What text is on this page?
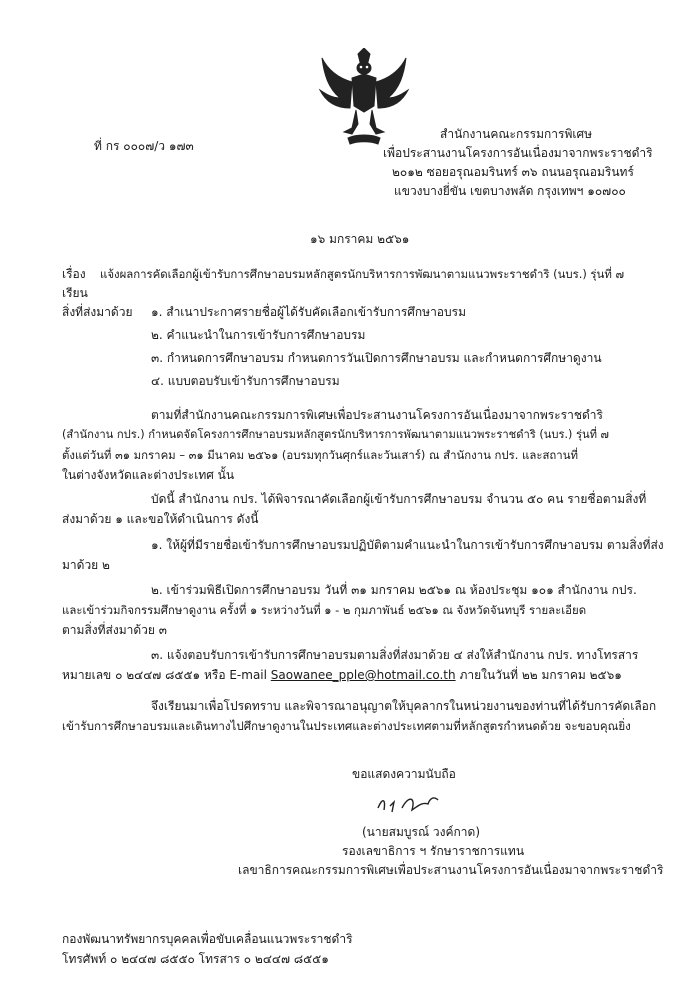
ที่ กร ๐๐๐๗/ว ๑๗๓
สำนักงานคณะกรรมการพิเศษ
เพื่อประสานงานโครงการอันเนื่องมาจากพระราชดำริ
๒๐๑๒ ซอยอรุณอมรินทร์ ๓๖ ถนนอรุณอมรินทร์
แขวงบางยี่ขัน เขตบางพลัด กรุงเทพฯ ๑๐๗๐๐
๑๖ มกราคม ๒๕๖๑
เรื่อง แจ้งผลการคัดเลือกผู้เข้ารับการศึกษาอบรมหลักสูตรนักบริหารการพัฒนาตามแนวพระราชดำริ (นบร.) รุ่นที่ ๗
เรียน
สิ่งที่ส่งมาด้วย ๑. สำเนาประกาศรายชื่อผู้ได้รับคัดเลือกเข้ารับการศึกษาอบรม
๒. คำแนะนำในการเข้ารับการศึกษาอบรม
๓. กำหนดการศึกษาอบรม กำหนดการวันเปิดการศึกษาอบรม และกำหนดการศึกษาดูงาน
๔. แบบตอบรับเข้ารับการศึกษาอบรม
ตามที่สำนักงานคณะกรรมการพิเศษเพื่อประสานงานโครงการอันเนื่องมาจากพระราชดำริ
(สำนักงาน กปร.) กำหนดจัดโครงการศึกษาอบรมหลักสูตรนักบริหารการพัฒนาตามแนวพระราชดำริ (นบร.) รุ่นที่ ๗
ตั้งแต่วันที่ ๓๑ มกราคม – ๓๑ มีนาคม ๒๕๖๑ (อบรมทุกวันศุกร์และวันเสาร์) ณ สำนักงาน กปร. และสถานที่
ในต่างจังหวัดและต่างประเทศ นั้น
บัดนี้ สำนักงาน กปร. ได้พิจารณาคัดเลือกผู้เข้ารับการศึกษาอบรม จำนวน ๕๐ คน รายชื่อตามสิ่งที่
ส่งมาด้วย ๑ และขอให้ดำเนินการ ดังนี้
๑. ให้ผู้ที่มีรายชื่อเข้ารับการศึกษาอบรมปฏิบัติตามคำแนะนำในการเข้ารับการศึกษาอบรม ตามสิ่งที่ส่ง
มาด้วย ๒
๒. เข้าร่วมพิธีเปิดการศึกษาอบรม วันที่ ๓๑ มกราคม ๒๕๖๑ ณ ห้องประชุม ๑๐๑ สำนักงาน กปร.
และเข้าร่วมกิจกรรมศึกษาดูงาน ครั้งที่ ๑ ระหว่างวันที่ ๑ - ๒ กุมภาพันธ์ ๒๕๖๑ ณ จังหวัดจันทบุรี รายละเอียด
ตามสิ่งที่ส่งมาด้วย ๓
๓. แจ้งตอบรับการเข้ารับการศึกษาอบรมตามสิ่งที่ส่งมาด้วย ๔ ส่งให้สำนักงาน กปร. ทางโทรสาร
หมายเลข ๐ ๒๔๔๗ ๘๕๕๑ หรือ E-mail Saowanee_pple@hotmail.co.th ภายในวันที่ ๒๒ มกราคม ๒๕๖๑
จึงเรียนมาเพื่อโปรดทราบ และพิจารณาอนุญาตให้บุคลากรในหน่วยงานของท่านที่ได้รับการคัดเลือก
เข้ารับการศึกษาอบรมและเดินทางไปศึกษาดูงานในประเทศและต่างประเทศตามที่หลักสูตรกำหนดด้วย จะขอบคุณยิ่ง
ขอแสดงความนับถือ
(นายสมบูรณ์ วงค์กาด)
รองเลขาธิการ ฯ รักษาราชการแทน
เลขาธิการคณะกรรมการพิเศษเพื่อประสานงานโครงการอันเนื่องมาจากพระราชดำริ
กองพัฒนาทรัพยากรบุคคลเพื่อขับเคลื่อนแนวพระราชดำริ
โทรศัพท์ ๐ ๒๔๔๗ ๘๕๕๐ โทรสาร ๐ ๒๔๔๗ ๘๕๕๑
